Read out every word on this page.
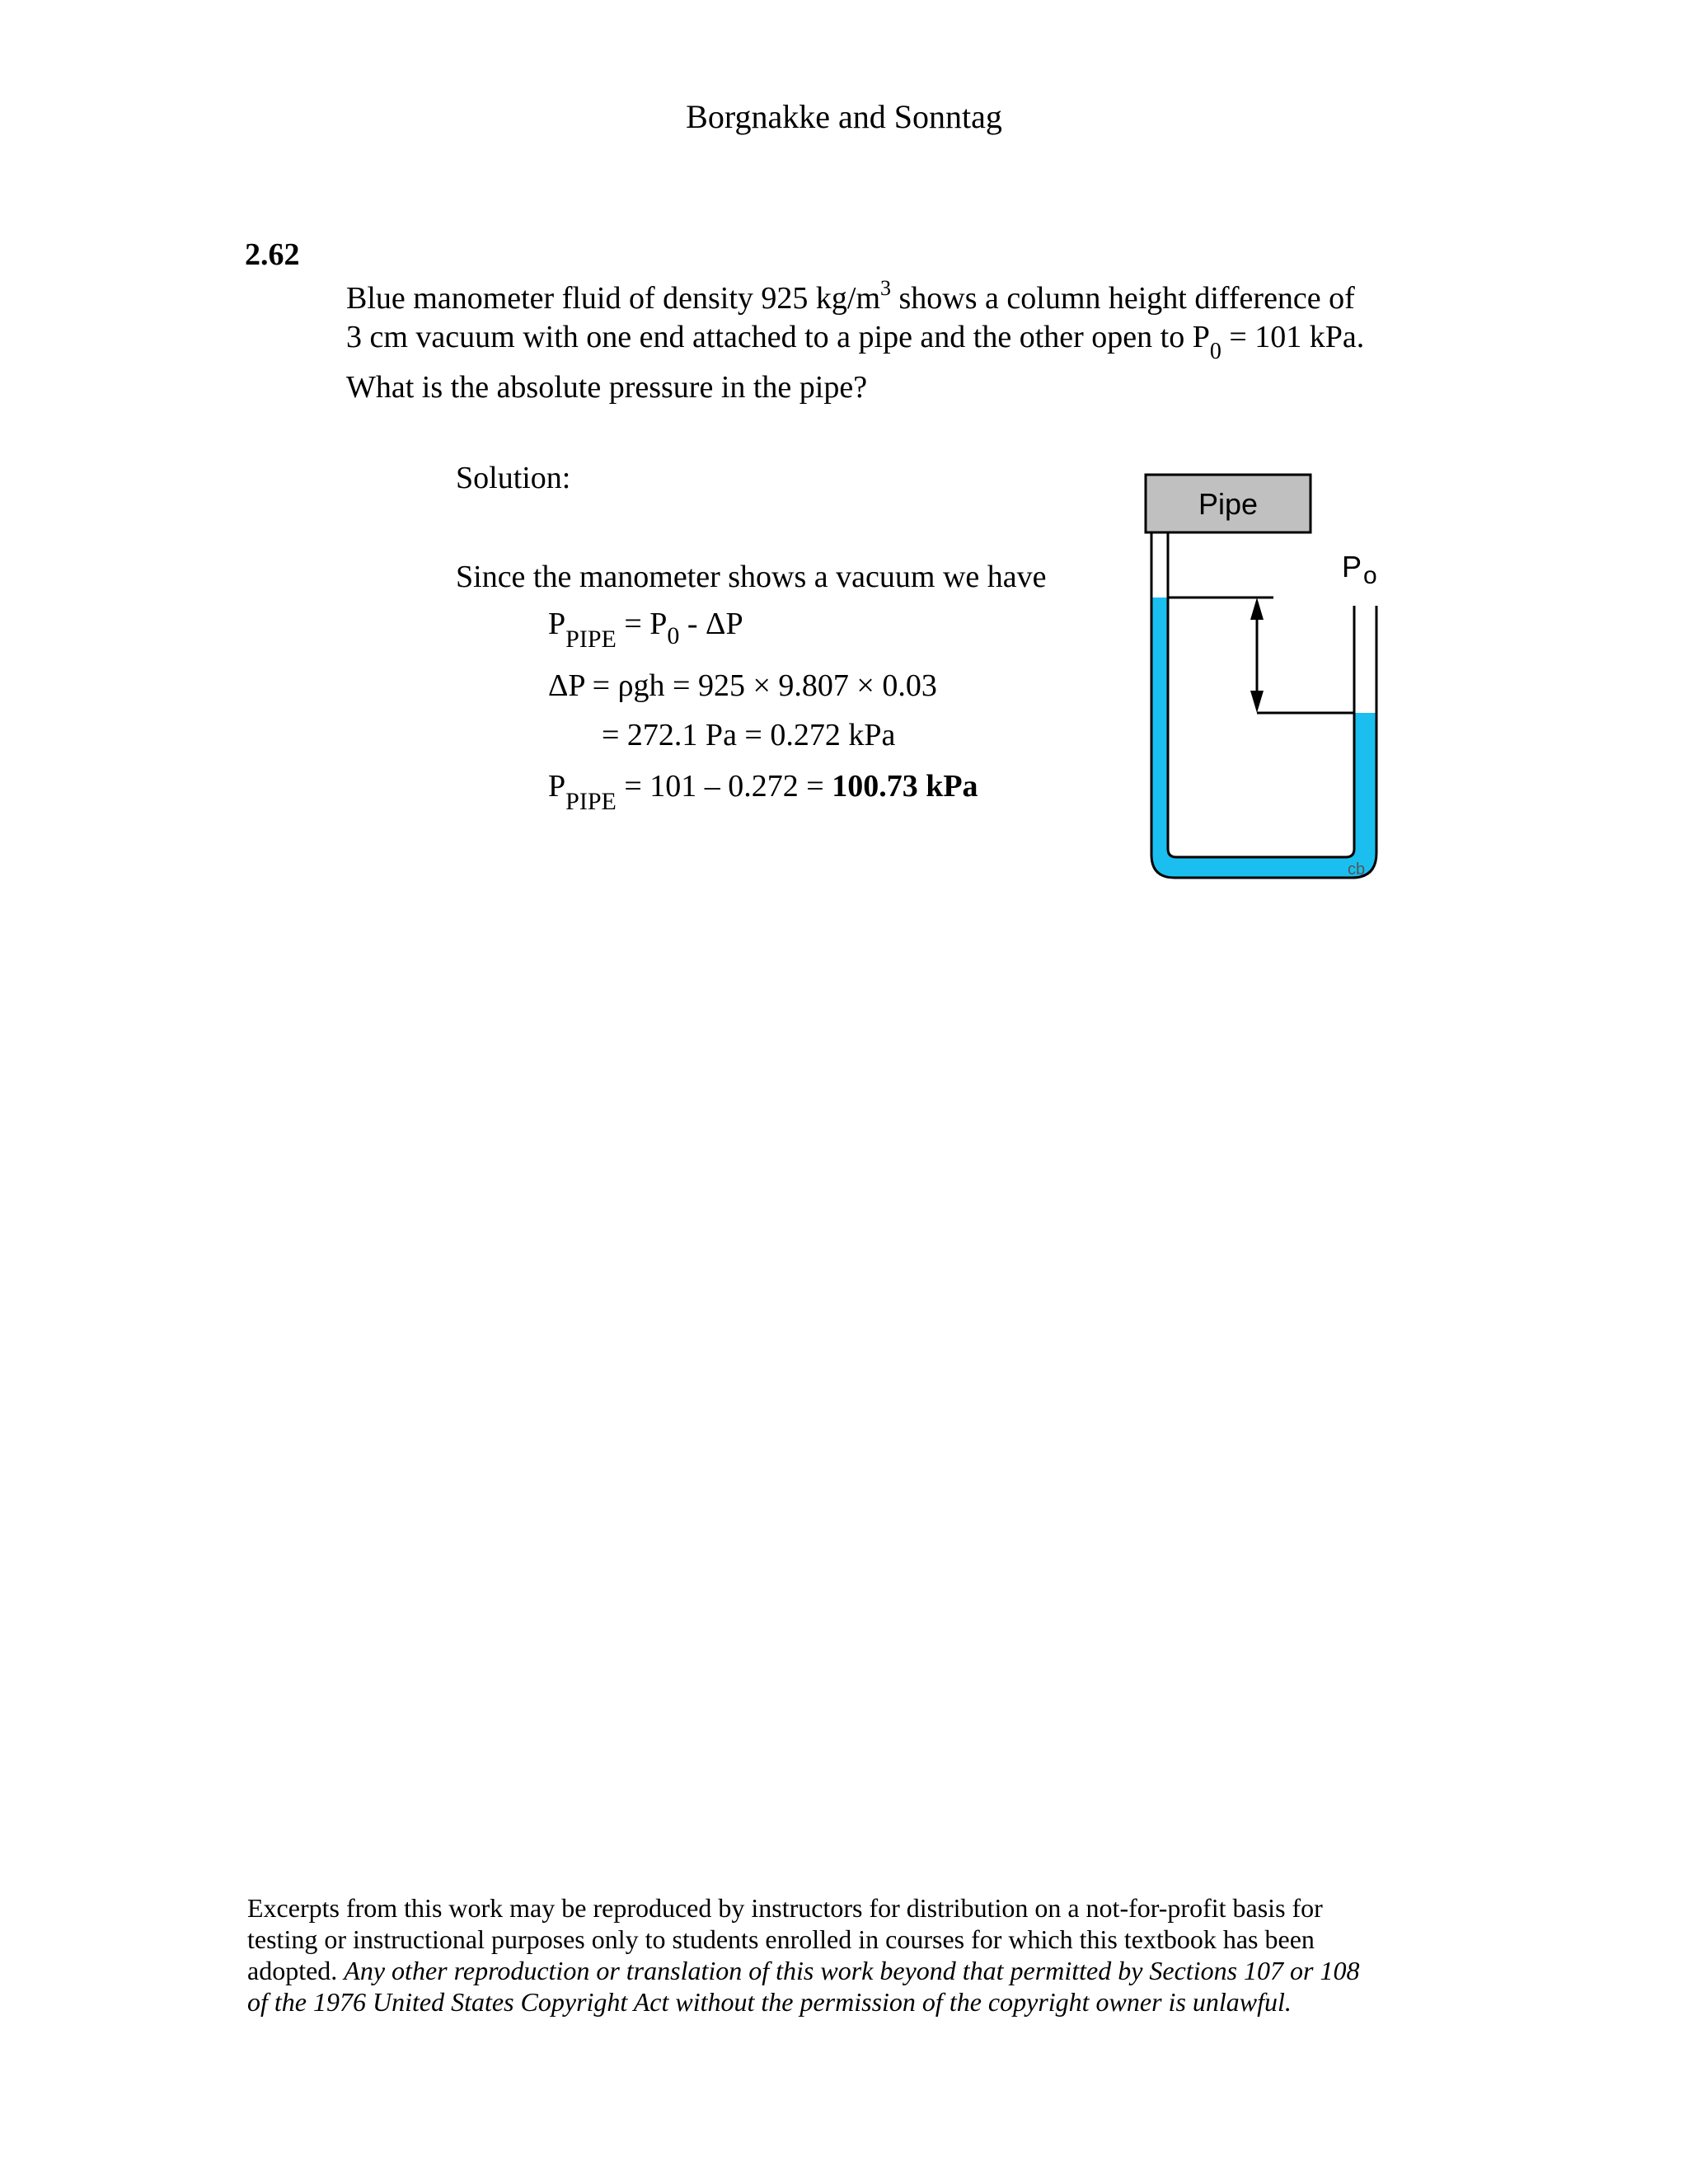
Borgnakke and Sonntag
2.62
Blue manometer fluid of density 925 $kg/m^3$ shows a column height difference of
3 cm vacuum with one end attached to a pipe and the other open to $P_0 = 101$ kPa.
What is the absolute pressure in the pipe?
Solution:
Since the manometer shows a vacuum we have
$P_{PIPE} = P_0 - \Delta P$
ΔP = ρgh = 925 × 9.807 × 0.03
= 272.1 Pa = 0.272 kPa
$P_{PIPE} = 101 - 0.272 = 100.73$ kPa
Pipe
P o
cb
Excerpts from this work may be reproduced by instructors for distribution on a not-for-profit basis for
testing or instructional purposes only to students enrolled in courses for which this textbook has been
adopted. Any other reproduction or translation of this work beyond that permitted by Sections 107 or 108
of the 1976 United States Copyright Act without the permission of the copyright owner is unlawful.
